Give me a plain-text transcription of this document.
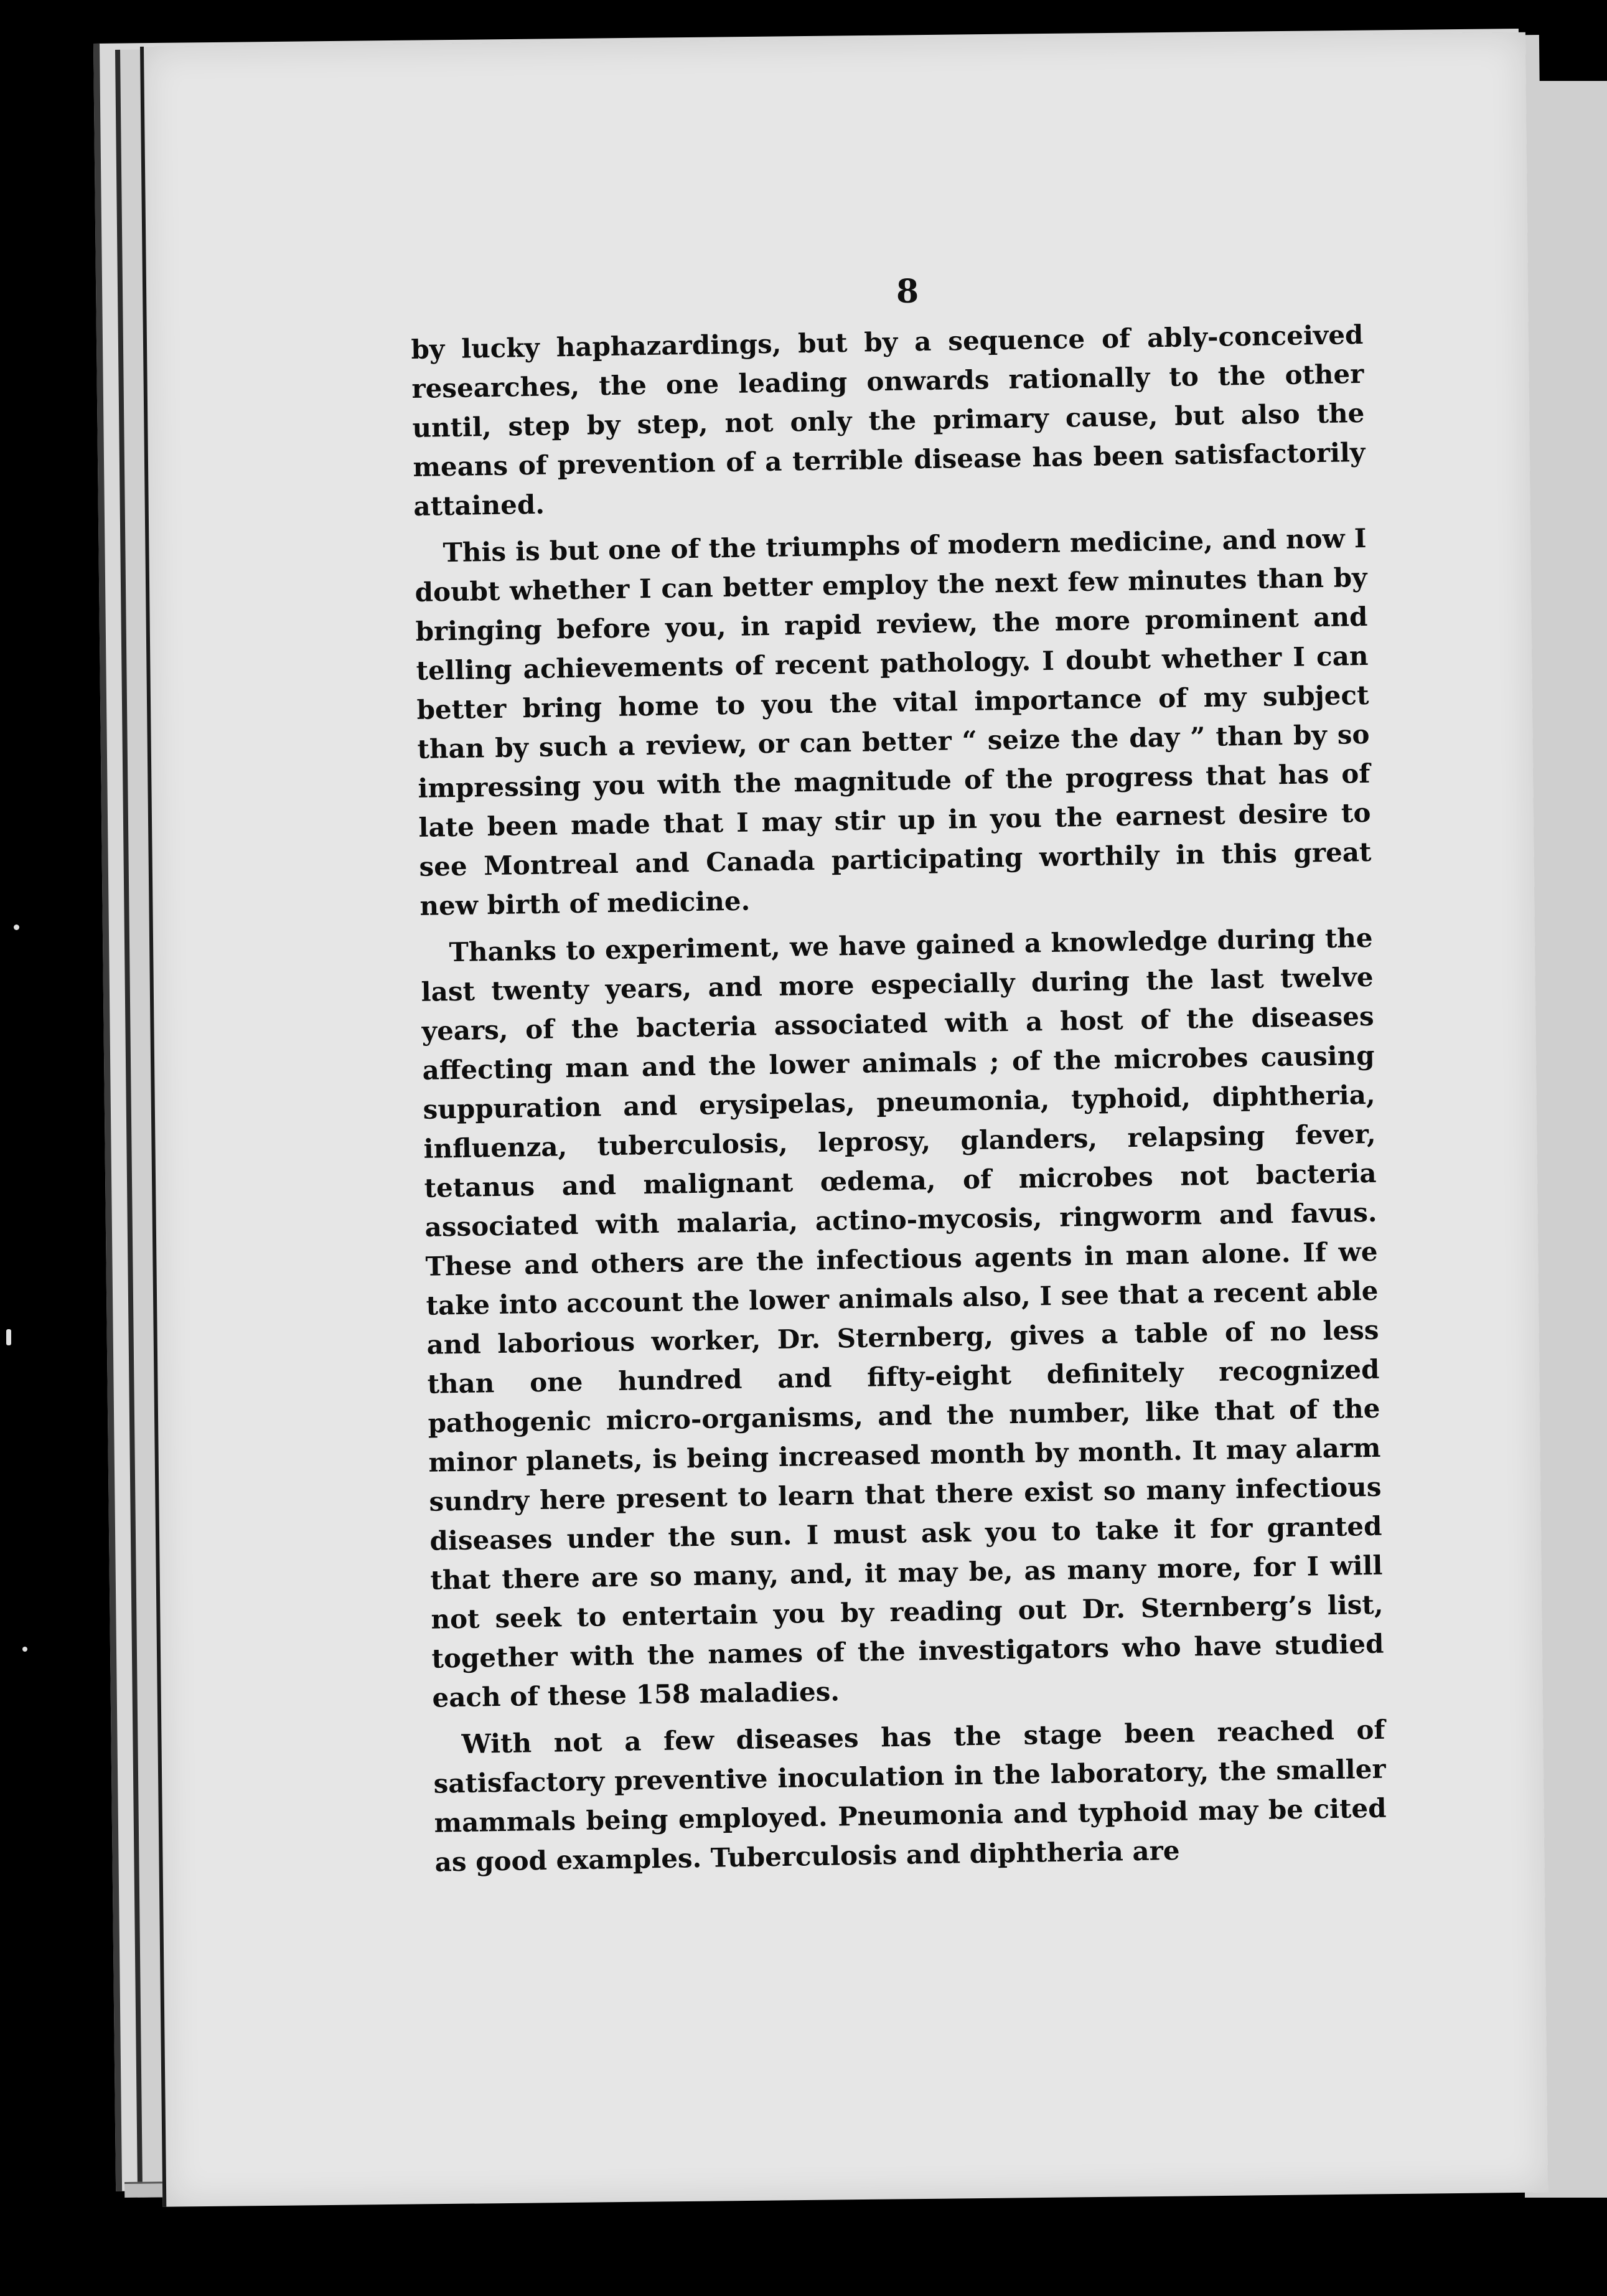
8

by lucky haphazardings, but by a sequence of ably-conceived researches, the one leading onwards rationally to the other until, step by step, not only the primary cause, but also the means of prevention of a terrible disease has been satisfactorily attained.

This is but one of the triumphs of modern medicine, and now I doubt whether I can better employ the next few minutes than by bringing before you, in rapid review, the more prominent and telling achievements of recent pathology. I doubt whether I can better bring home to you the vital importance of my subject than by such a review, or can better “ seize the day ” than by so impressing you with the magnitude of the progress that has of late been made that I may stir up in you the earnest desire to see Montreal and Canada participating worthily in this great new birth of medicine.

Thanks to experiment, we have gained a knowledge during the last twenty years, and more especially during the last twelve years, of the bacteria associated with a host of the diseases affecting man and the lower animals ; of the microbes causing suppuration and erysipelas, pneumonia, typhoid, diphtheria, influenza, tuberculosis, leprosy, glanders, relapsing fever, tetanus and malignant œdema, of microbes not bacteria associated with malaria, actino-mycosis, ringworm and favus. These and others are the infectious agents in man alone. If we take into account the lower animals also, I see that a recent able and laborious worker, Dr. Sternberg, gives a table of no less than one hundred and fifty-eight definitely recognized pathogenic micro-organisms, and the number, like that of the minor planets, is being increased month by month. It may alarm sundry here present to learn that there exist so many infectious diseases under the sun. I must ask you to take it for granted that there are so many, and, it may be, as many more, for I will not seek to entertain you by reading out Dr. Sternberg’s list, together with the names of the investigators who have studied each of these 158 maladies.

With not a few diseases has the stage been reached of satisfactory preventive inoculation in the laboratory, the smaller mammals being employed. Pneumonia and typhoid may be cited as good examples. Tuberculosis and diphtheria are
